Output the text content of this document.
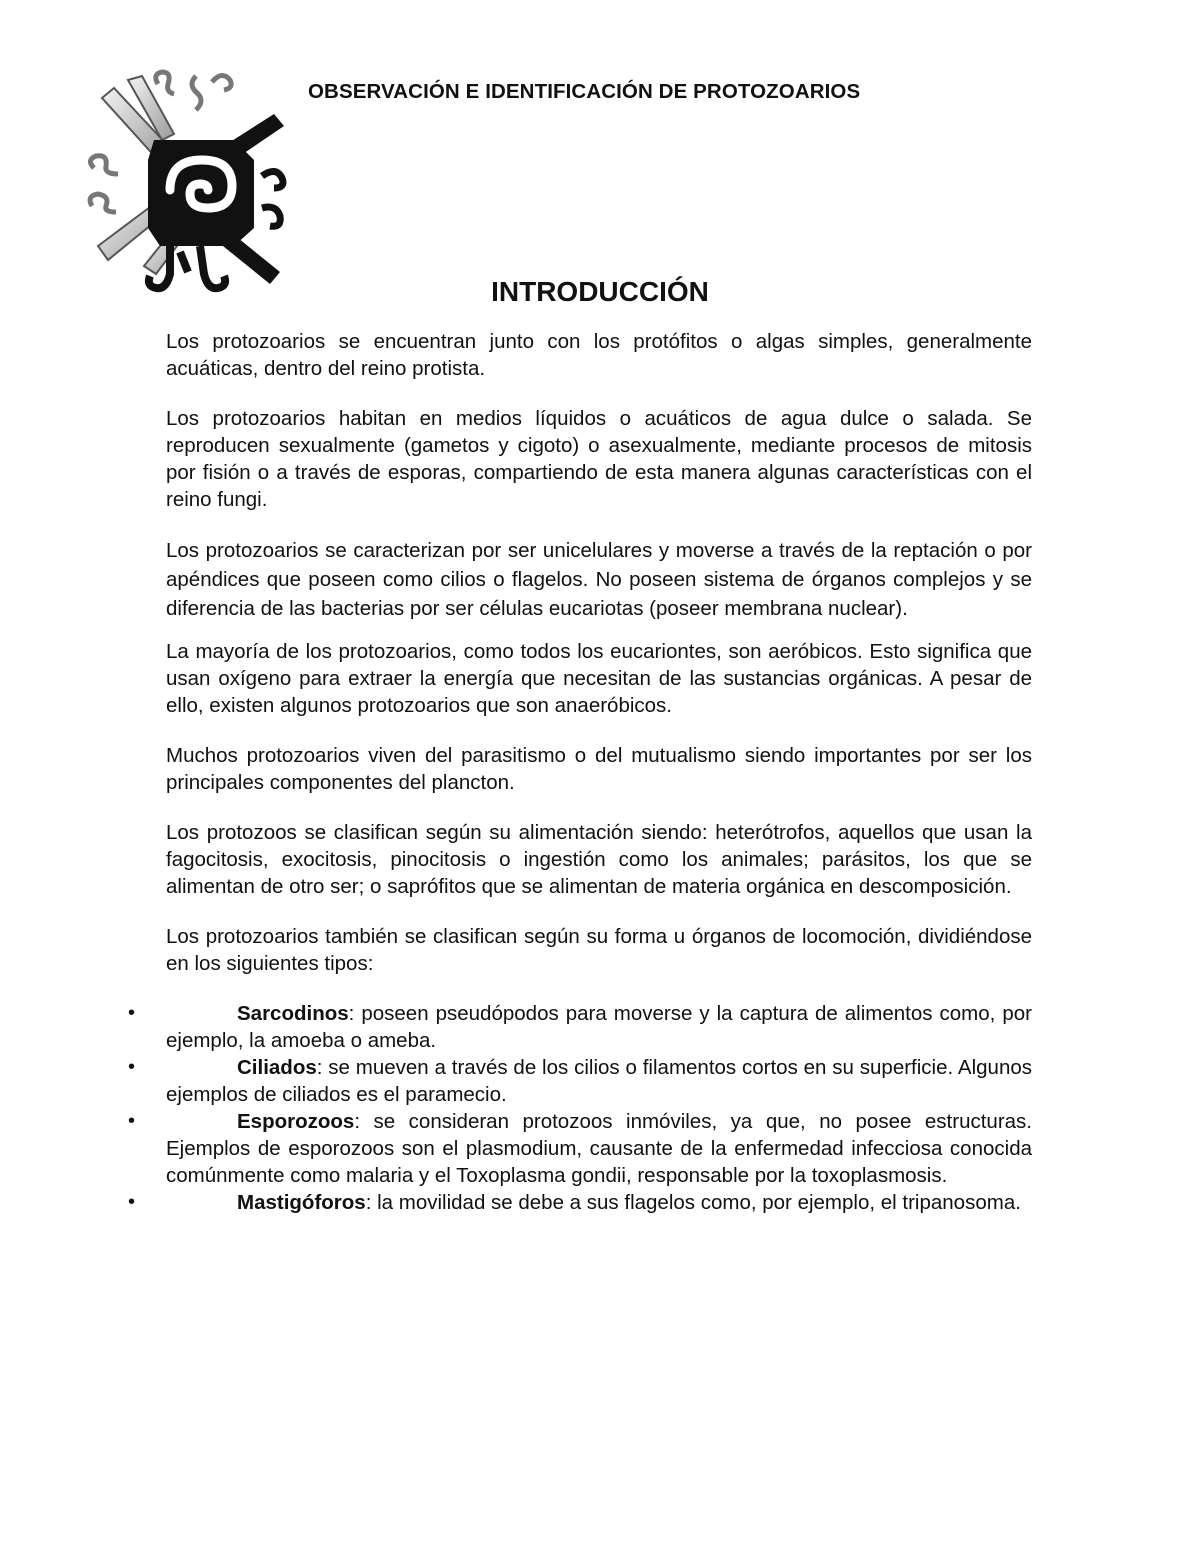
OBSERVACIÓN E IDENTIFICACIÓN DE PROTOZOARIOS
INTRODUCCIÓN

Los protozoarios se encuentran junto con los protófitos o algas simples, generalmente acuáticas, dentro del reino protista.

Los protozoarios habitan en medios líquidos o acuáticos de agua dulce o salada. Se reproducen sexualmente (gametos y cigoto) o asexualmente, mediante procesos de mitosis por fisión o a través de esporas, compartiendo de esta manera algunas características con el reino fungi.

Los protozoarios se caracterizan por ser unicelulares y moverse a través de la reptación o por apéndices que poseen como cilios o flagelos. No poseen sistema de órganos complejos y se diferencia de las bacterias por ser células eucariotas (poseer membrana nuclear).

La mayoría de los protozoarios, como todos los eucariontes, son aeróbicos. Esto significa que usan oxígeno para extraer la energía que necesitan de las sustancias orgánicas. A pesar de ello, existen algunos protozoarios que son anaeróbicos.

Muchos protozoarios viven del parasitismo o del mutualismo siendo importantes por ser los principales componentes del plancton.

Los protozoos se clasifican según su alimentación siendo: heterótrofos, aquellos que usan la fagocitosis, exocitosis, pinocitosis o ingestión como los animales; parásitos, los que se alimentan de otro ser; o saprófitos que se alimentan de materia orgánica en descomposición.

Los protozoarios también se clasifican según su forma u órganos de locomoción, dividiéndose en los siguientes tipos:

•	Sarcodinos: poseen pseudópodos para moverse y la captura de alimentos como, por ejemplo, la amoeba o ameba.
•	Ciliados: se mueven a través de los cilios o filamentos cortos en su superficie. Algunos ejemplos de ciliados es el paramecio.
•	Esporozoos: se consideran protozoos inmóviles, ya que, no posee estructuras. Ejemplos de esporozoos son el plasmodium, causante de la enfermedad infecciosa conocida comúnmente como malaria y el Toxoplasma gondii, responsable por la toxoplasmosis.
•	Mastigóforos: la movilidad se debe a sus flagelos como, por ejemplo, el tripanosoma.
